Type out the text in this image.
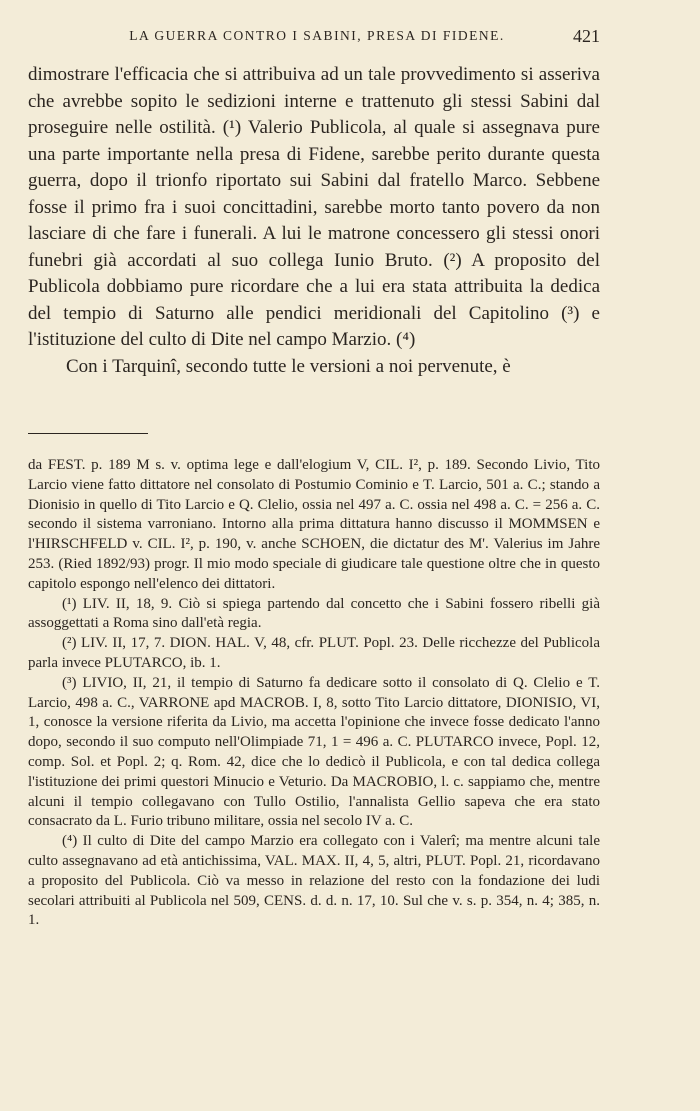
LA GUERRA CONTRO I SABINI, PRESA DI FIDENE.	421

dimostrare l'efficacia che si attribuiva ad un tale provvedimento si asseriva che avrebbe sopito le sedizioni interne e trattenuto gli stessi Sabini dal proseguire nelle ostilità. (¹) Valerio Publicola, al quale si assegnava pure una parte importante nella presa di Fidene, sarebbe perito durante questa guerra, dopo il trionfo riportato sui Sabini dal fratello Marco. Sebbene fosse il primo fra i suoi concittadini, sarebbe morto tanto povero da non lasciare di che fare i funerali. A lui le matrone concessero gli stessi onori funebri già accordati al suo collega Iunio Bruto. (²) A proposito del Publicola dobbiamo pure ricordare che a lui era stata attribuita la dedica del tempio di Saturno alle pendici meridionali del Capitolino (³) e l'istituzione del culto di Dite nel campo Marzio. (⁴)

Con i Tarquinî, secondo tutte le versioni a noi pervenute, è

da FEST. p. 189 M s. v. optima lege e dall'elogium V, CIL. I², p. 189. Secondo Livio, Tito Larcio viene fatto dittatore nel consolato di Postumio Cominio e T. Larcio, 501 a. C.; stando a Dionisio in quello di Tito Larcio e Q. Clelio, ossia nel 497 a. C. ossia nel 498 a. C. = 256 a. C. secondo il sistema varroniano. Intorno alla prima dittatura hanno discusso il MOMMSEN e l'HIRSCHFELD v. CIL. I², p. 190, v. anche SCHOEN, die dictatur des M'. Valerius im Jahre 253. (Ried 1892/93) progr. Il mio modo speciale di giudicare tale questione oltre che in questo capitolo espongo nell'elenco dei dittatori.

(¹) LIV. II, 18, 9. Ciò si spiega partendo dal concetto che i Sabini fossero ribelli già assoggettati a Roma sino dall'età regia.

(²) LIV. II, 17, 7. DION. HAL. V, 48, cfr. PLUT. Popl. 23. Delle ricchezze del Publicola parla invece PLUTARCO, ib. 1.

(³) LIVIO, II, 21, il tempio di Saturno fa dedicare sotto il consolato di Q. Clelio e T. Larcio, 498 a. C., VARRONE apd MACROB. I, 8, sotto Tito Larcio dittatore, DIONISIO, VI, 1, conosce la versione riferita da Livio, ma accetta l'opinione che invece fosse dedicato l'anno dopo, secondo il suo computo nell'Olimpiade 71, 1 = 496 a. C. PLUTARCO invece, Popl. 12, comp. Sol. et Popl. 2; q. Rom. 42, dice che lo dedicò il Publicola, e con tal dedica collega l'istituzione dei primi questori Minucio e Veturio. Da MACROBIO, l. c. sappiamo che, mentre alcuni il tempio collegavano con Tullo Ostilio, l'annalista Gellio sapeva che era stato consacrato da L. Furio tribuno militare, ossia nel secolo IV a. C.

(⁴) Il culto di Dite del campo Marzio era collegato con i Valerî; ma mentre alcuni tale culto assegnavano ad età antichissima, VAL. MAX. II, 4, 5, altri, PLUT. Popl. 21, ricordavano a proposito del Publicola. Ciò va messo in relazione del resto con la fondazione dei ludi secolari attribuiti al Publicola nel 509, CENS. d. d. n. 17, 10. Sul che v. s. p. 354, n. 4; 385, n. 1.
